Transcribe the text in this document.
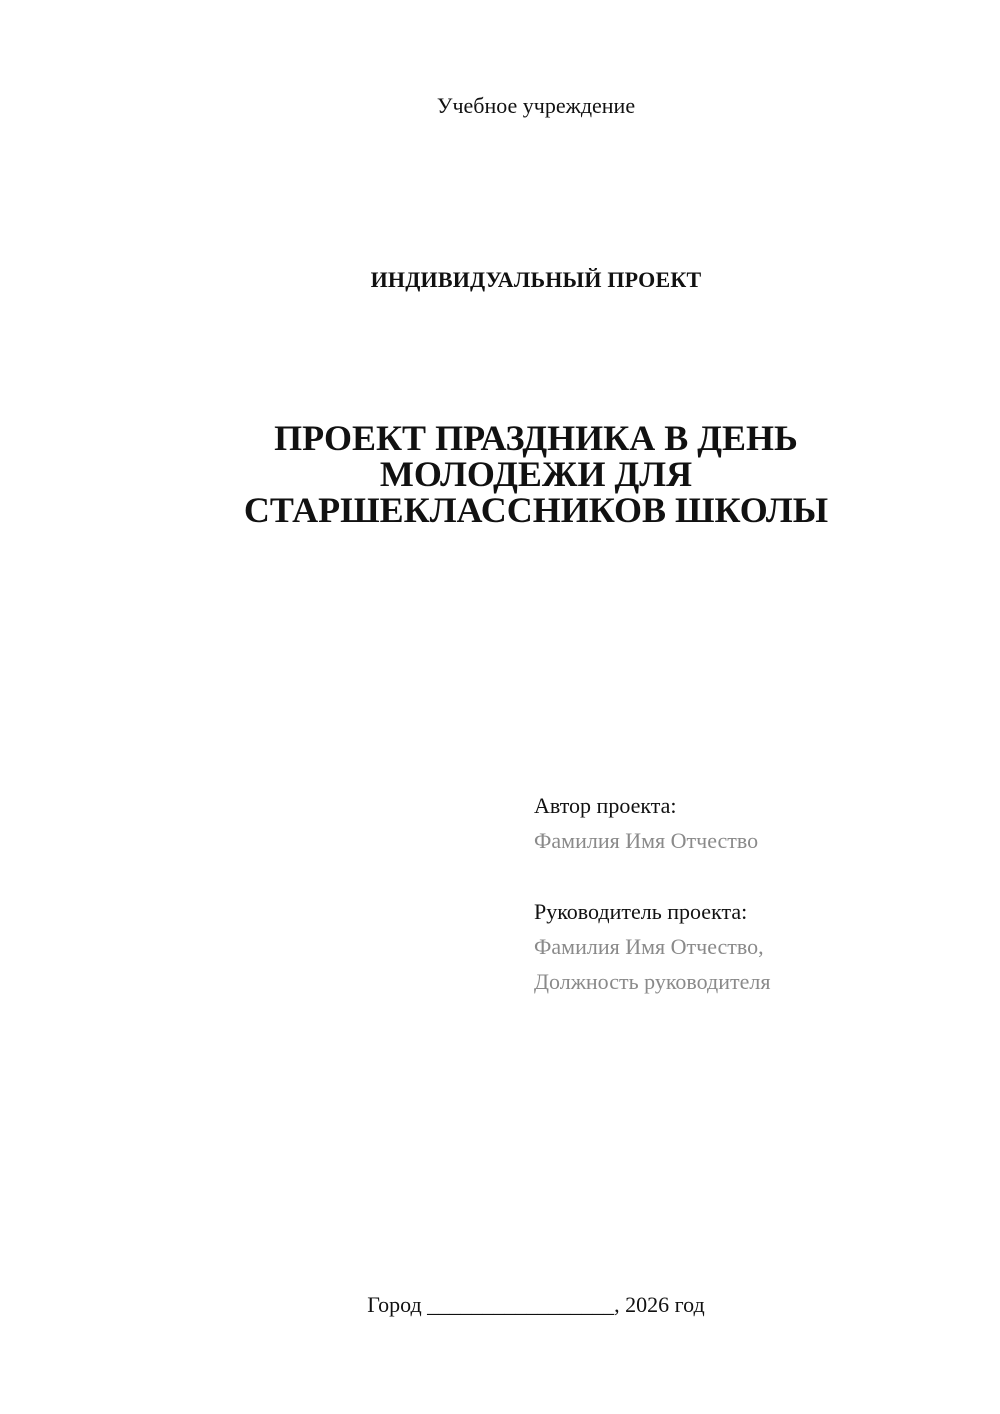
Учебное учреждение
ИНДИВИДУАЛЬНЫЙ ПРОЕКТ
ПРОЕКТ ПРАЗДНИКА В ДЕНЬ
МОЛОДЕЖИ ДЛЯ
СТАРШЕКЛАССНИКОВ ШКОЛЫ
Автор проекта:
Фамилия Имя Отчество
Руководитель проекта:
Фамилия Имя Отчество,
Должность руководителя
Город _________________, 2026 год
